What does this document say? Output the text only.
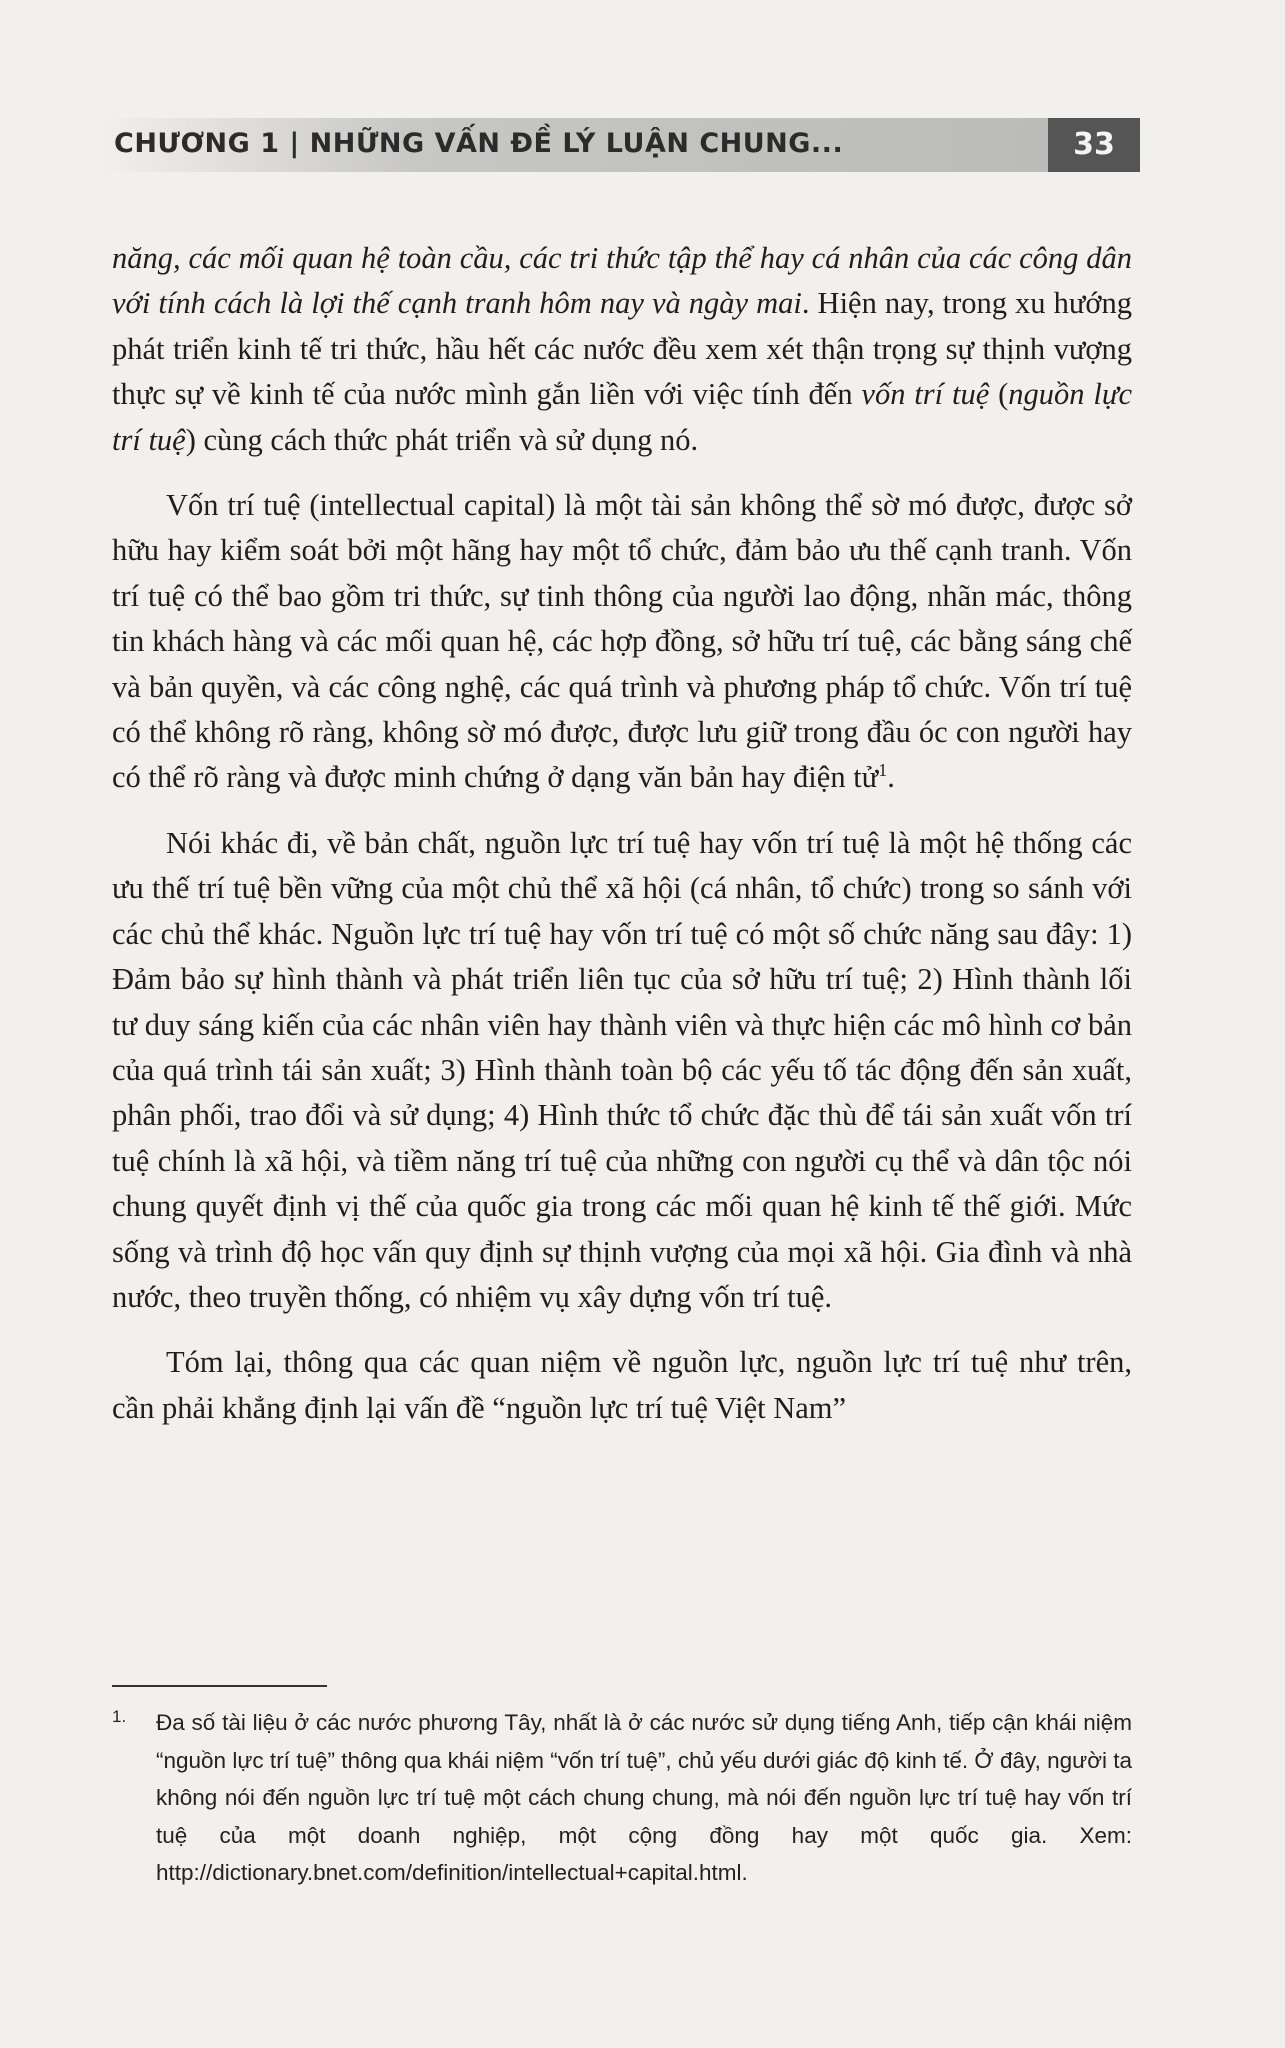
CHƯƠNG 1 | NHỮNG VẤN ĐỀ LÝ LUẬN CHUNG...	33

năng, các mối quan hệ toàn cầu, các tri thức tập thể hay cá nhân của các công dân với tính cách là lợi thế cạnh tranh hôm nay và ngày mai. Hiện nay, trong xu hướng phát triển kinh tế tri thức, hầu hết các nước đều xem xét thận trọng sự thịnh vượng thực sự về kinh tế của nước mình gắn liền với việc tính đến vốn trí tuệ (nguồn lực trí tuệ) cùng cách thức phát triển và sử dụng nó.

Vốn trí tuệ (intellectual capital) là một tài sản không thể sờ mó được, được sở hữu hay kiểm soát bởi một hãng hay một tổ chức, đảm bảo ưu thế cạnh tranh. Vốn trí tuệ có thể bao gồm tri thức, sự tinh thông của người lao động, nhãn mác, thông tin khách hàng và các mối quan hệ, các hợp đồng, sở hữu trí tuệ, các bằng sáng chế và bản quyền, và các công nghệ, các quá trình và phương pháp tổ chức. Vốn trí tuệ có thể không rõ ràng, không sờ mó được, được lưu giữ trong đầu óc con người hay có thể rõ ràng và được minh chứng ở dạng văn bản hay điện tử$^1$.

Nói khác đi, về bản chất, nguồn lực trí tuệ hay vốn trí tuệ là một hệ thống các ưu thế trí tuệ bền vững của một chủ thể xã hội (cá nhân, tổ chức) trong so sánh với các chủ thể khác. Nguồn lực trí tuệ hay vốn trí tuệ có một số chức năng sau đây: 1) Đảm bảo sự hình thành và phát triển liên tục của sở hữu trí tuệ; 2) Hình thành lối tư duy sáng kiến của các nhân viên hay thành viên và thực hiện các mô hình cơ bản của quá trình tái sản xuất; 3) Hình thành toàn bộ các yếu tố tác động đến sản xuất, phân phối, trao đổi và sử dụng; 4) Hình thức tổ chức đặc thù để tái sản xuất vốn trí tuệ chính là xã hội, và tiềm năng trí tuệ của những con người cụ thể và dân tộc nói chung quyết định vị thế của quốc gia trong các mối quan hệ kinh tế thế giới. Mức sống và trình độ học vấn quy định sự thịnh vượng của mọi xã hội. Gia đình và nhà nước, theo truyền thống, có nhiệm vụ xây dựng vốn trí tuệ.

Tóm lại, thông qua các quan niệm về nguồn lực, nguồn lực trí tuệ như trên, cần phải khẳng định lại vấn đề “nguồn lực trí tuệ Việt Nam”

1. Đa số tài liệu ở các nước phương Tây, nhất là ở các nước sử dụng tiếng Anh, tiếp cận khái niệm “nguồn lực trí tuệ” thông qua khái niệm “vốn trí tuệ”, chủ yếu dưới giác độ kinh tế. Ở đây, người ta không nói đến nguồn lực trí tuệ một cách chung chung, mà nói đến nguồn lực trí tuệ hay vốn trí tuệ của một doanh nghiệp, một cộng đồng hay một quốc gia. Xem: http://dictionary.bnet.com/definition/intellectual+capital.html.
